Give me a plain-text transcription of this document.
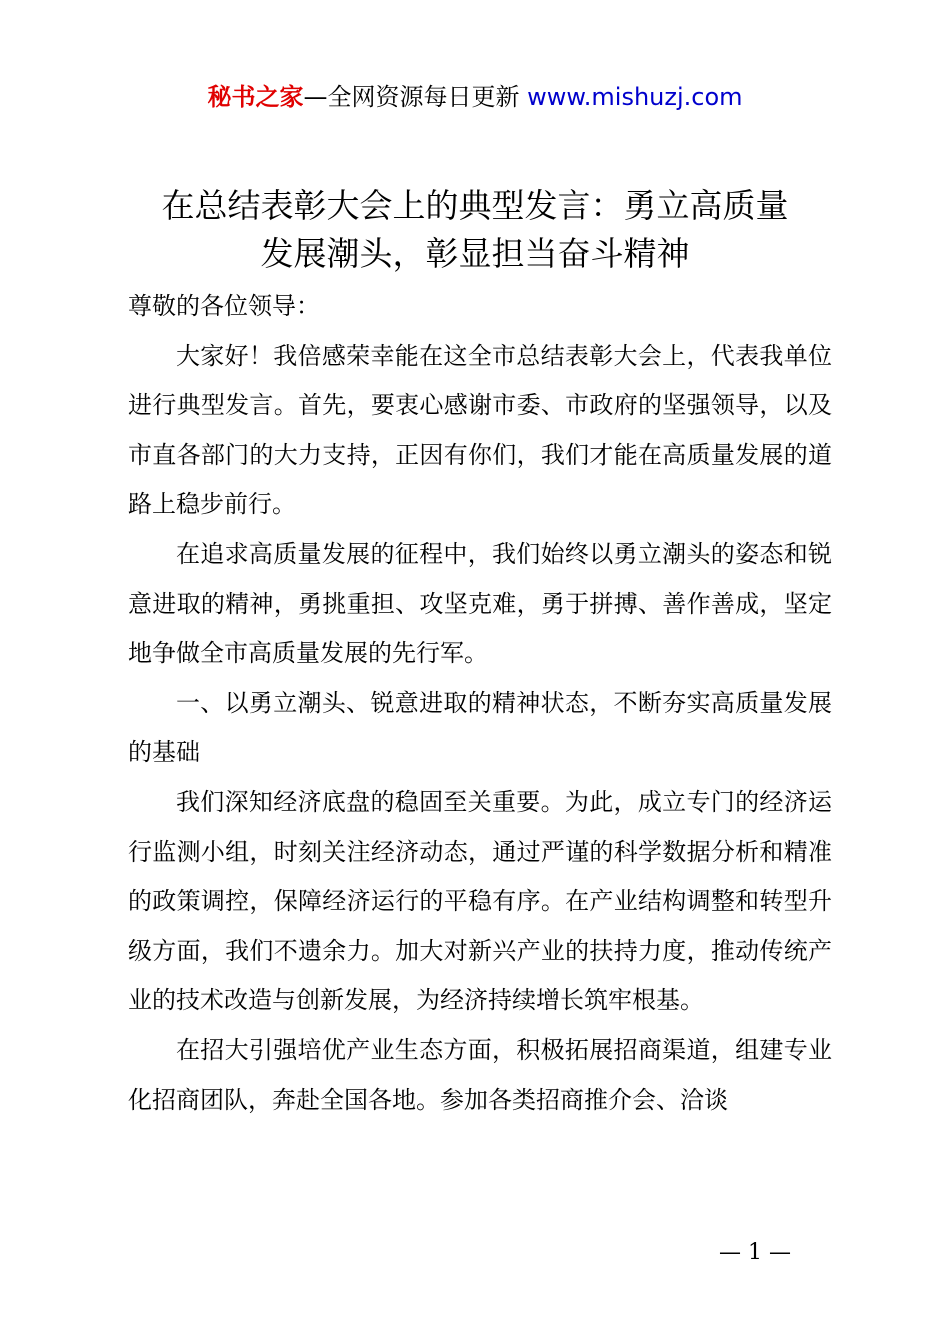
秘书之家—全网资源每日更新 www.mishuzj.com
在总结表彰大会上的典型发言：勇立高质量
发展潮头，彰显担当奋斗精神

尊敬的各位领导：

大家好！我倍感荣幸能在这全市总结表彰大会上，代表我单位进行典型发言。首先，要衷心感谢市委、市政府的坚强领导，以及市直各部门的大力支持，正因有你们，我们才能在高质量发展的道路上稳步前行。

在追求高质量发展的征程中，我们始终以勇立潮头的姿态和锐意进取的精神，勇挑重担、攻坚克难，勇于拼搏、善作善成，坚定地争做全市高质量发展的先行军。

一、以勇立潮头、锐意进取的精神状态，不断夯实高质量发展的基础

我们深知经济底盘的稳固至关重要。为此，成立专门的经济运行监测小组，时刻关注经济动态，通过严谨的科学数据分析和精准的政策调控，保障经济运行的平稳有序。在产业结构调整和转型升级方面，我们不遗余力。加大对新兴产业的扶持力度，推动传统产业的技术改造与创新发展，为经济持续增长筑牢根基。

在招大引强培优产业生态方面，积极拓展招商渠道，组建专业化招商团队，奔赴全国各地。参加各类招商推介会、洽谈

— 1 —
